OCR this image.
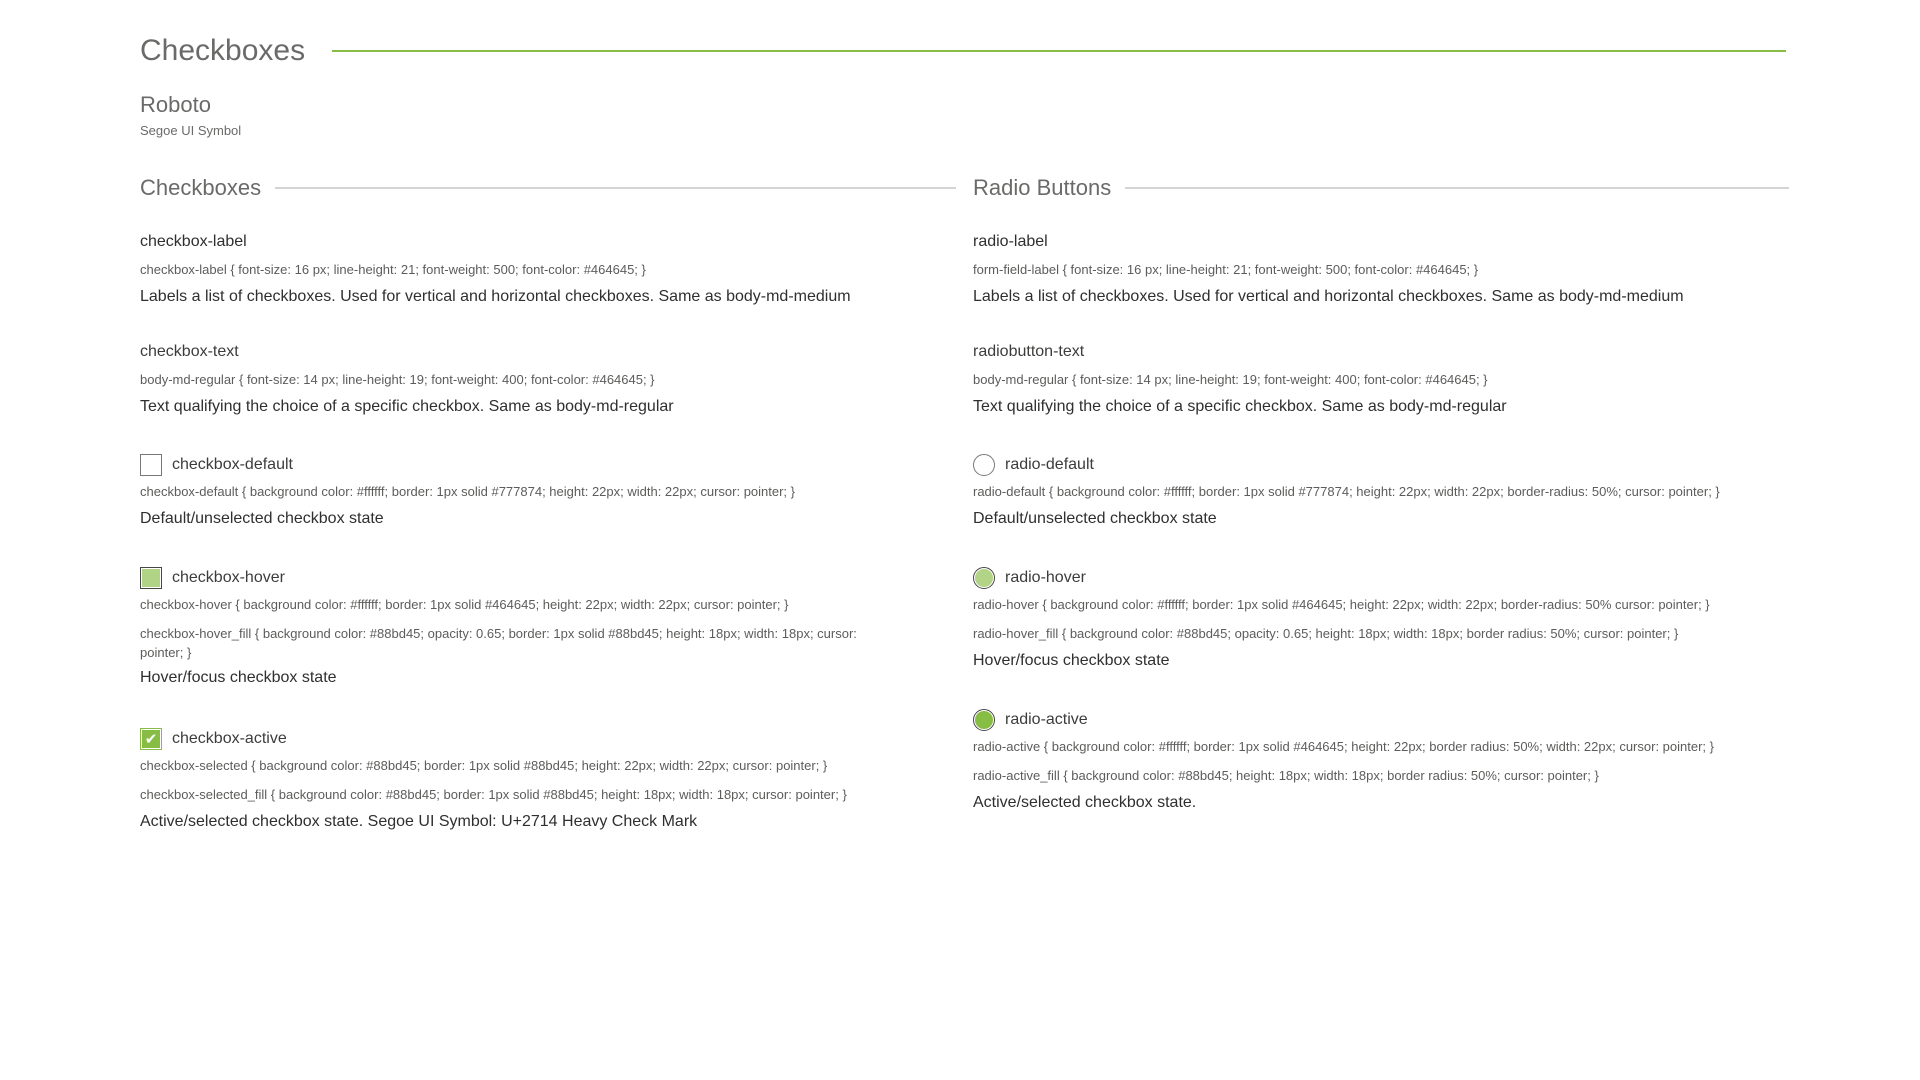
Checkboxes
Roboto
Segoe UI Symbol
Checkboxes
checkbox-label
checkbox-label { font-size: 16 px; line-height: 21; font-weight: 500; font-color: #464645; }
Labels a list of checkboxes. Used for vertical and horizontal checkboxes. Same as body-md-medium
checkbox-text
body-md-regular { font-size: 14 px; line-height: 19; font-weight: 400; font-color: #464645; }
Text qualifying the choice of a specific checkbox. Same as body-md-regular
checkbox-default
checkbox-default { background color: #ffffff; border: 1px solid #777874; height: 22px; width: 22px; cursor: pointer; }
Default/unselected checkbox state
checkbox-hover
checkbox-hover { background color: #ffffff; border: 1px solid #464645; height: 22px; width: 22px; cursor: pointer; }
checkbox-hover_fill { background color: #88bd45; opacity: 0.65; border: 1px solid #88bd45; height: 18px; width: 18px; cursor: pointer; }
Hover/focus checkbox state
✔ checkbox-active
checkbox-selected { background color: #88bd45; border: 1px solid #88bd45; height: 22px; width: 22px; cursor: pointer; }
checkbox-selected_fill { background color: #88bd45; border: 1px solid #88bd45; height: 18px; width: 18px; cursor: pointer; }
Active/selected checkbox state. Segoe UI Symbol: U+2714 Heavy Check Mark
Radio Buttons
radio-label
form-field-label { font-size: 16 px; line-height: 21; font-weight: 500; font-color: #464645; }
Labels a list of checkboxes. Used for vertical and horizontal checkboxes. Same as body-md-medium
radiobutton-text
body-md-regular { font-size: 14 px; line-height: 19; font-weight: 400; font-color: #464645; }
Text qualifying the choice of a specific checkbox. Same as body-md-regular
radio-default
radio-default { background color: #ffffff; border: 1px solid #777874; height: 22px; width: 22px; border-radius: 50%; cursor: pointer; }
Default/unselected checkbox state
radio-hover
radio-hover { background color: #ffffff; border: 1px solid #464645; height: 22px; width: 22px; border-radius: 50% cursor: pointer; }
radio-hover_fill { background color: #88bd45; opacity: 0.65; height: 18px; width: 18px; border radius: 50%; cursor: pointer; }
Hover/focus checkbox state
radio-active
radio-active { background color: #ffffff; border: 1px solid #464645; height: 22px; border radius: 50%; width: 22px; cursor: pointer; }
radio-active_fill { background color: #88bd45; height: 18px; width: 18px; border radius: 50%; cursor: pointer; }
Active/selected checkbox state.
